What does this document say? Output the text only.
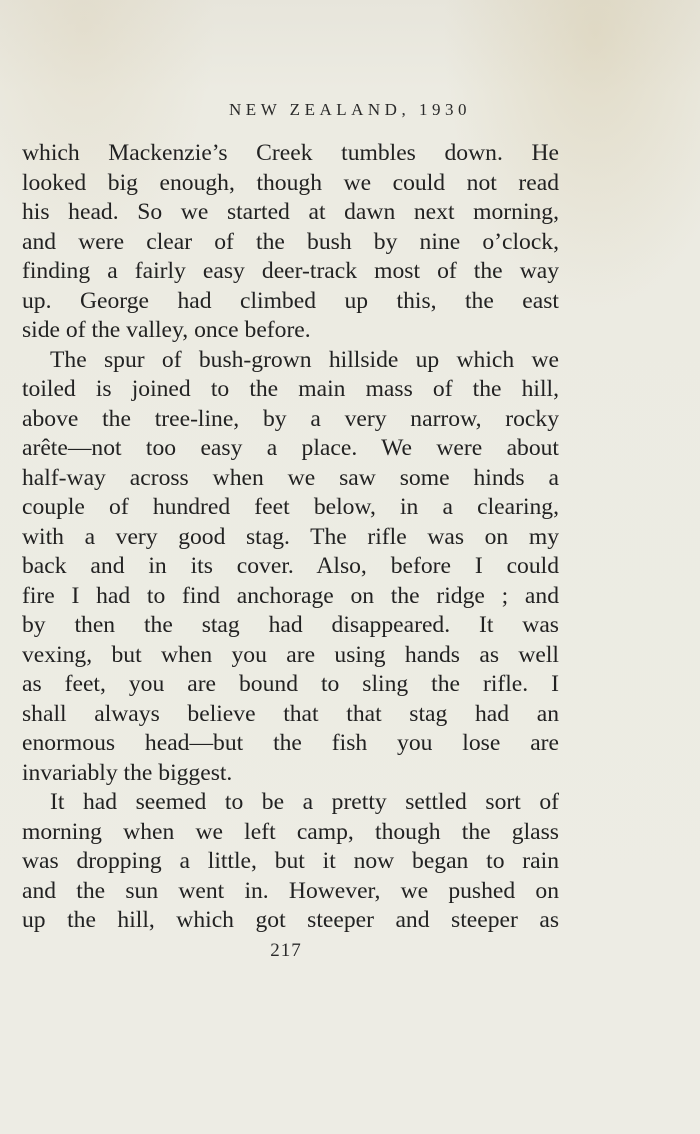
NEW ZEALAND, 1930
which Mackenzie’s Creek tumbles down. He
looked big enough, though we could not read
his head. So we started at dawn next morning,
and were clear of the bush by nine o’clock,
finding a fairly easy deer-track most of the way
up. George had climbed up this, the east
side of the valley, once before.
The spur of bush-grown hillside up which we
toiled is joined to the main mass of the hill,
above the tree-line, by a very narrow, rocky
arête—not too easy a place. We were about
half-way across when we saw some hinds a
couple of hundred feet below, in a clearing,
with a very good stag. The rifle was on my
back and in its cover. Also, before I could
fire I had to find anchorage on the ridge ; and
by then the stag had disappeared. It was
vexing, but when you are using hands as well
as feet, you are bound to sling the rifle. I
shall always believe that that stag had an
enormous head—but the fish you lose are
invariably the biggest.
It had seemed to be a pretty settled sort of
morning when we left camp, though the glass
was dropping a little, but it now began to rain
and the sun went in. However, we pushed on
up the hill, which got steeper and steeper as
217
